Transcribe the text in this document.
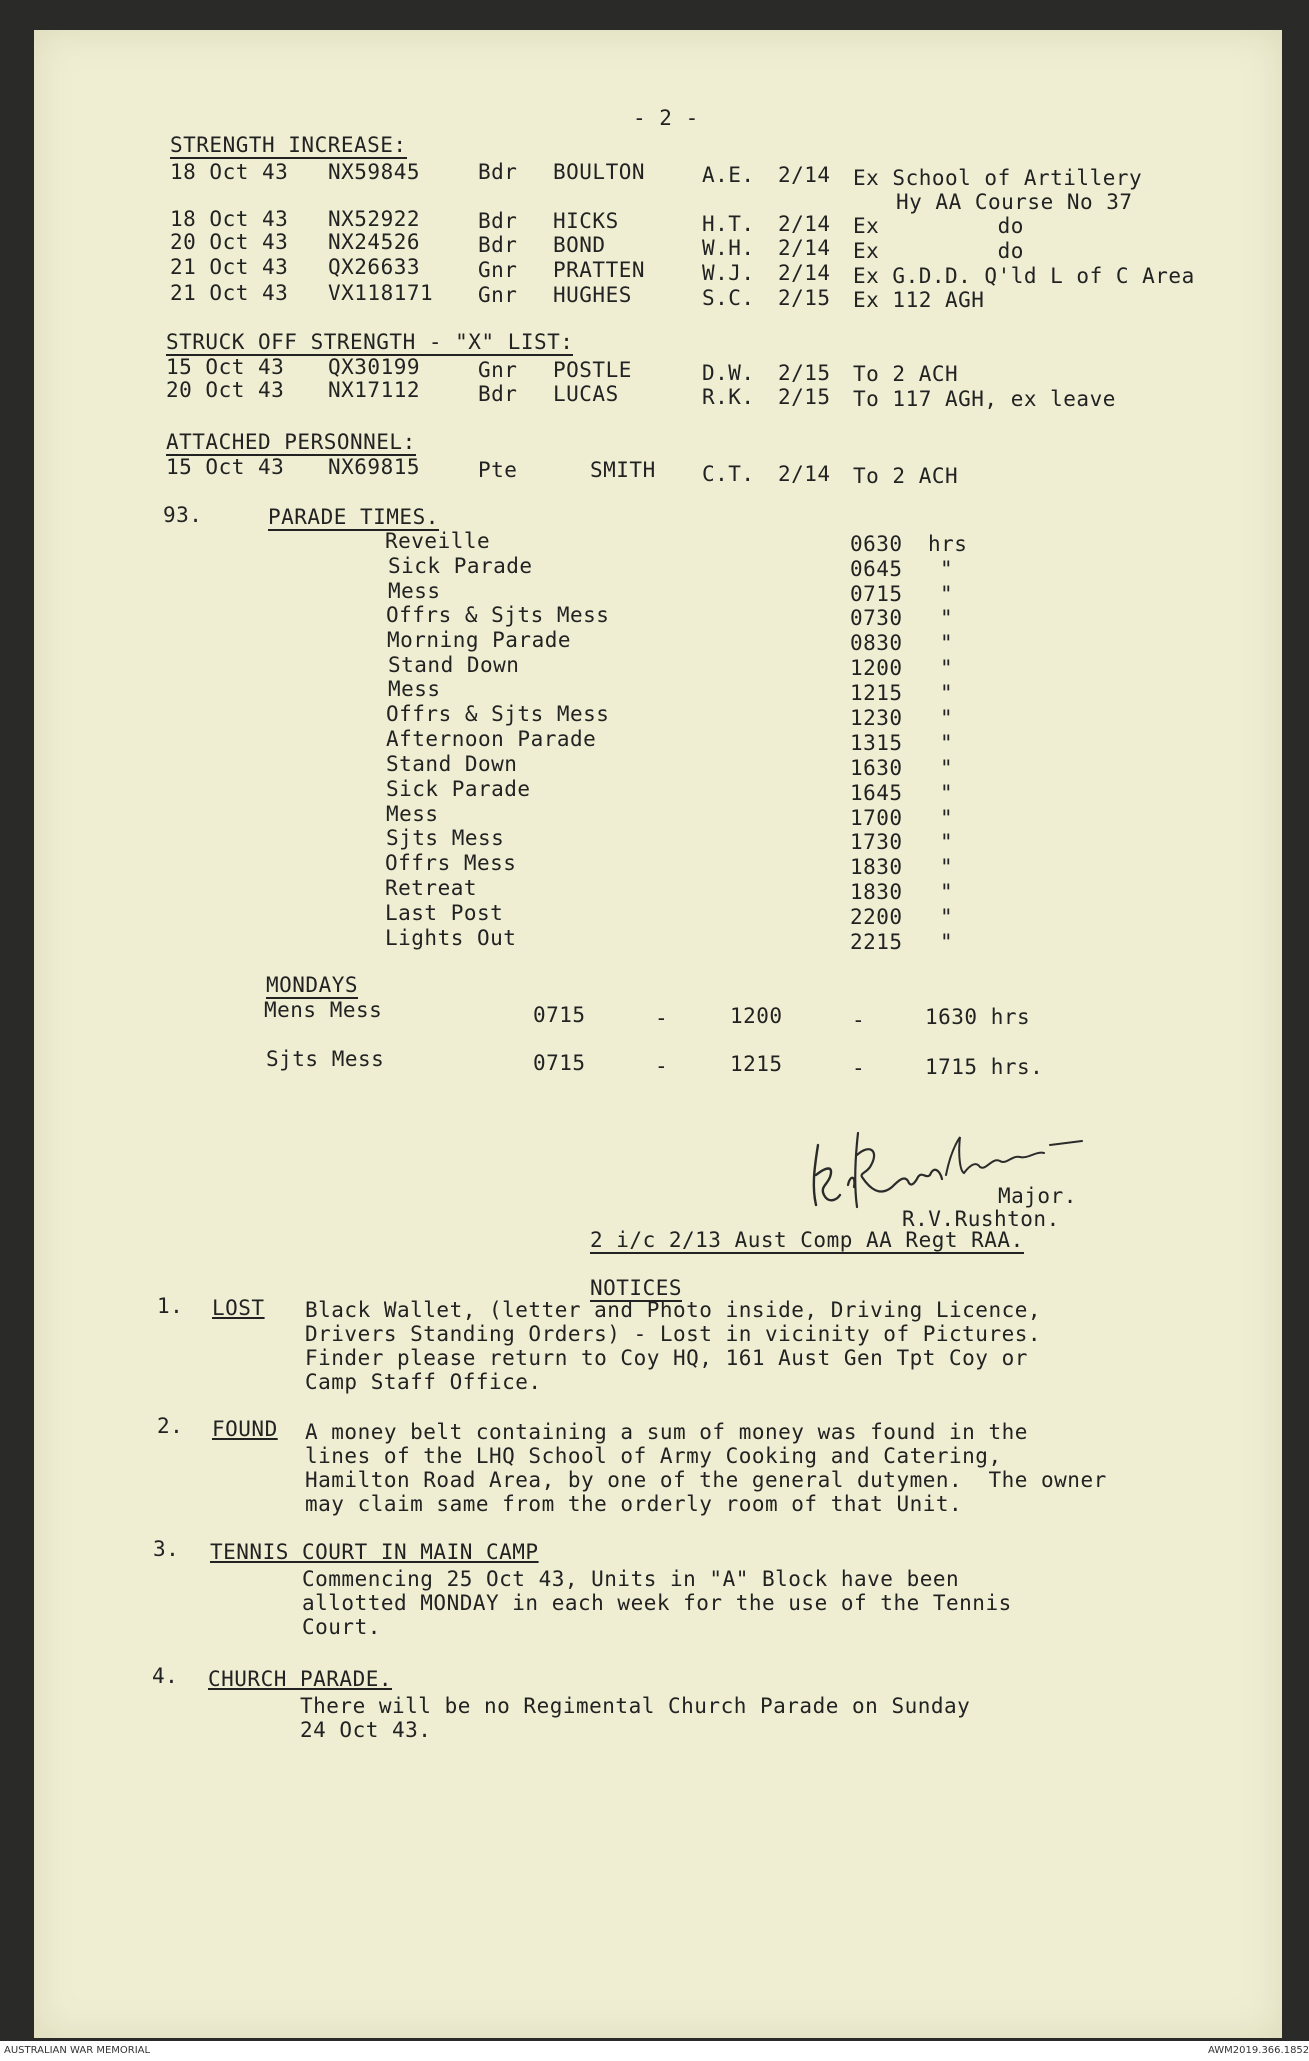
- 2 -
STRENGTH INCREASE:
18 Oct 43 NX59845	Bdr BOULTON	A.E. 2/14 Ex School of Artillery
Hy AA Course No 37
18 Oct 43 NX52922	Bdr HICKS	H.T. 2/14 Ex         do
20 Oct 43 NX24526	Bdr BOND	W.H. 2/14 Ex         do
21 Oct 43 QX26633	Gnr PRATTEN	W.J. 2/14 Ex G.D.D. Q'ld L of C Area
21 Oct 43 VX118171 Gnr HUGHES	S.C. 2/15 Ex 112 AGH
STRUCK OFF STRENGTH - "X" LIST:
15 Oct 43 QX30199	Gnr POSTLE	D.W. 2/15 To 2 ACH
20 Oct 43 NX17112	Bdr LUCAS	R.K. 2/15 To 117 AGH, ex leave
ATTACHED PERSONNEL:
15 Oct 43 NX69815	Pte	SMITH C.T. 2/14 To 2 ACH
93.	PARADE TIMES.
Reveille	0630 hrs
Sick Parade	0645 "
Mess	0715 "
Offrs & Sjts Mess	0730 "
Morning Parade	0830 "
Stand Down	1200 "
Mess	1215 "
Offrs & Sjts Mess	1230 "
Afternoon Parade	1315 "
Stand Down	1630 "
Sick Parade	1645 "
Mess	1700 "
Sjts Mess	1730 "
Offrs Mess	1830 "
Retreat	1830 "
Last Post	2200 "
Lights Out	2215 "
MONDAYS
Mens Mess	0715	-	1200	-	1630 hrs
Sjts Mess	0715	-	1215	-	1715 hrs.
Major.
R.V.Rushton.
2 i/c 2/13 Aust Comp AA Regt RAA.
NOTICES
1. LOST Black Wallet, (letter and Photo inside, Driving Licence,
Drivers Standing Orders) - Lost in vicinity of Pictures.
Finder please return to Coy HQ, 161 Aust Gen Tpt Coy or
Camp Staff Office.
2. FOUND A money belt containing a sum of money was found in the
lines of the LHQ School of Army Cooking and Catering,
Hamilton Road Area, by one of the general dutymen.  The owner
may claim same from the orderly room of that Unit.
3. TENNIS COURT IN MAIN CAMP
Commencing 25 Oct 43, Units in "A" Block have been
allotted MONDAY in each week for the use of the Tennis
Court.
4. CHURCH PARADE.
There will be no Regimental Church Parade on Sunday
24 Oct 43.
AUSTRALIAN WAR MEMORIAL	AWM2019.366.1852
